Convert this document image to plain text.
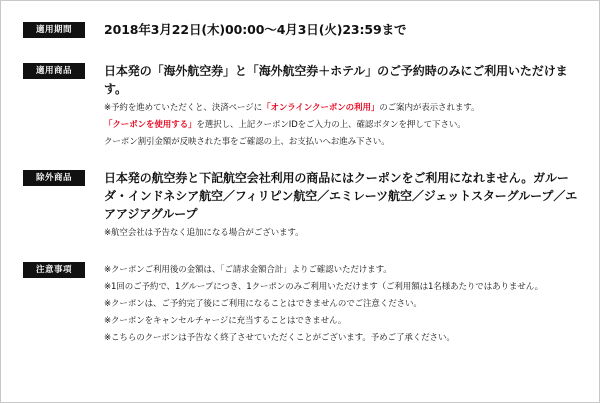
適用期間	2018年3月22日(木)00:00〜4月3日(火)23:59まで
適用商品	日本発の「海外航空券」と「海外航空券＋ホテル」のご予約時のみにご利用いただけます。
※予約を進めていただくと、決済ページに「オンラインクーポンの利用」のご案内が表示されます。
「クーポンを使用する」を選択し、上記クーポンIDをご入力の上、確認ボタンを押して下さい。
クーポン割引金額が反映された事をご確認の上、お支払いへお進み下さい。
除外商品	日本発の航空券と下記航空会社利用の商品にはクーポンをご利用になれません。ガルーダ・インドネシア航空／フィリピン航空／エミレーツ航空／ジェットスターグループ／エアアジアグループ
※航空会社は予告なく追加になる場合がございます。
注意事項	※クーポンご利用後の金額は、「ご請求金額合計」よりご確認いただけます。
※1回のご予約で、1グループにつき、1クーポンのみご利用いただけます（ご利用額は1名様あたりではありません。
※クーポンは、ご予約完了後にご利用になることはできませんのでご注意ください。
※クーポンをキャンセルチャージに充当することはできません。
※こちらのクーポンは予告なく終了させていただくことがございます。予めご了承ください。
